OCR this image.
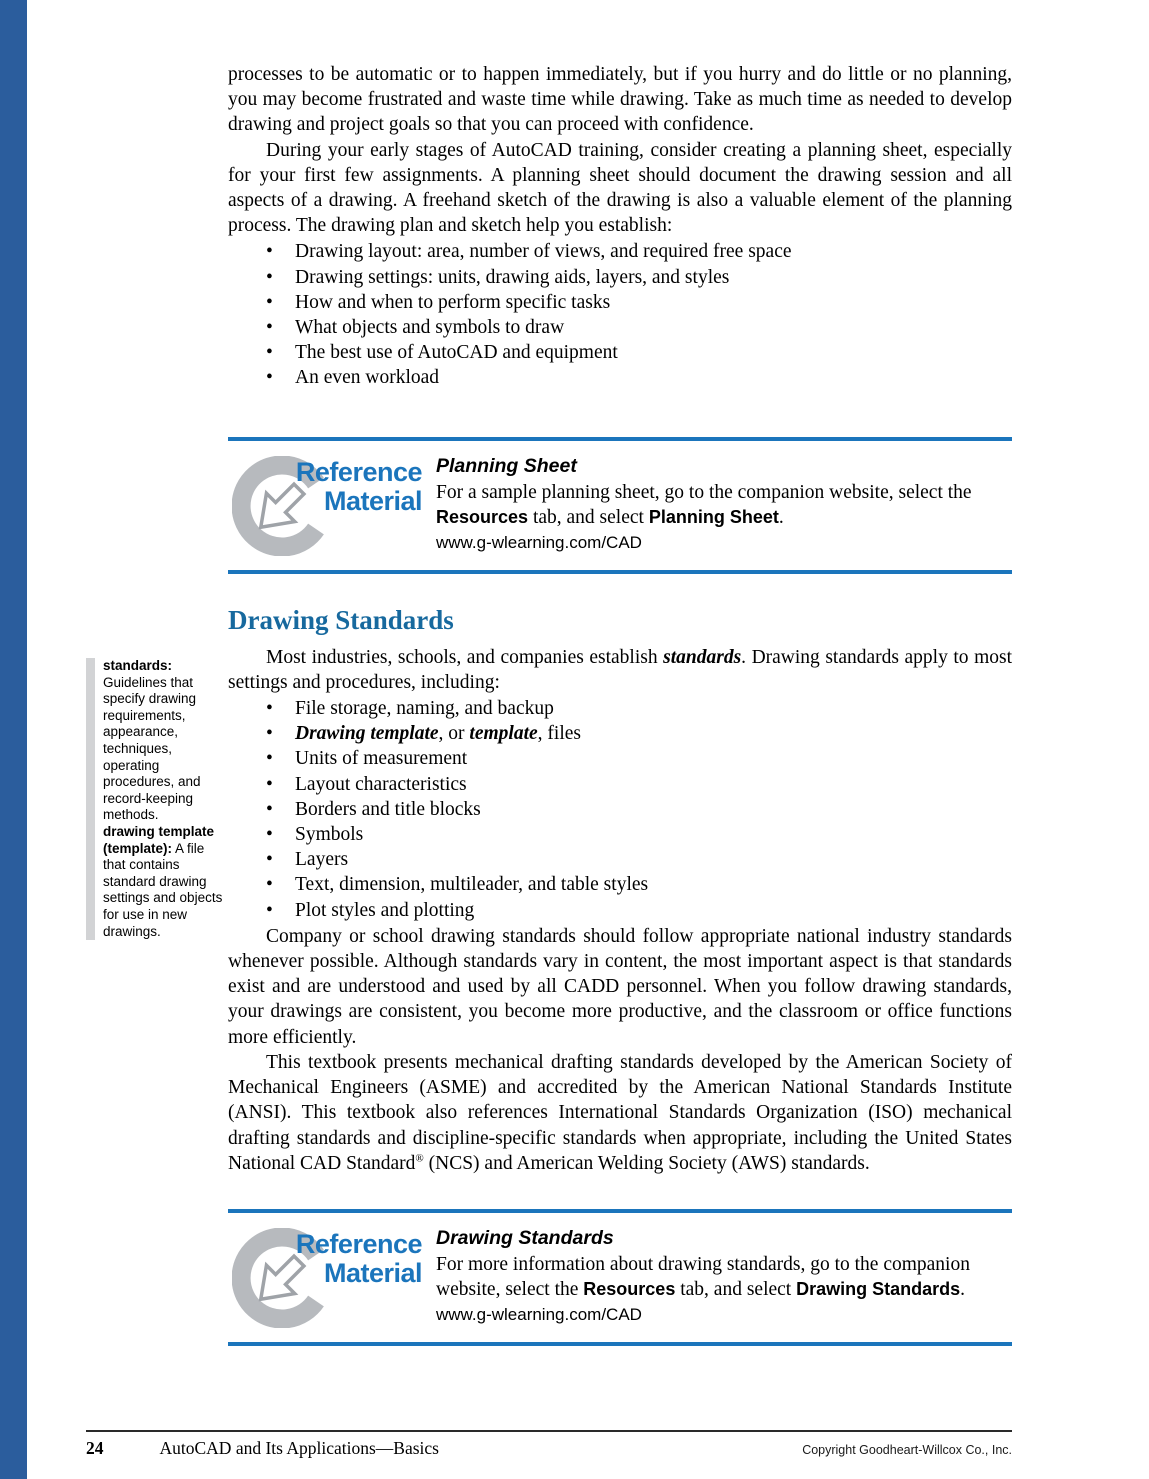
standards: Guidelines that specify drawing requirements, appearance, techniques, operating procedures, and record-keeping methods.
drawing template (template): A file that contains standard drawing settings and objects for use in new drawings.

processes to be automatic or to happen immediately, but if you hurry and do little or no planning, you may become frustrated and waste time while drawing. Take as much time as needed to develop drawing and project goals so that you can proceed with confidence.

During your early stages of AutoCAD training, consider creating a planning sheet, especially for your first few assignments. A planning sheet should document the drawing session and all aspects of a drawing. A freehand sketch of the drawing is also a valuable element of the planning process. The drawing plan and sketch help you establish:

• Drawing layout: area, number of views, and required free space
• Drawing settings: units, drawing aids, layers, and styles
• How and when to perform specific tasks
• What objects and symbols to draw
• The best use of AutoCAD and equipment
• An even workload
Reference
Material
Planning Sheet
For a sample planning sheet, go to the companion website, select the Resources tab, and select Planning Sheet.
www.g-wlearning.com/CAD
Drawing Standards

Most industries, schools, and companies establish standards. Drawing standards apply to most settings and procedures, including:

• File storage, naming, and backup
• Drawing template, or template, files
• Units of measurement
• Layout characteristics
• Borders and title blocks
• Symbols
• Layers
• Text, dimension, multileader, and table styles
• Plot styles and plotting

Company or school drawing standards should follow appropriate national industry standards whenever possible. Although standards vary in content, the most important aspect is that standards exist and are understood and used by all CADD personnel. When you follow drawing standards, your drawings are consistent, you become more productive, and the classroom or office functions more efficiently.

This textbook presents mechanical drafting standards developed by the American Society of Mechanical Engineers (ASME) and accredited by the American National Standards Institute (ANSI). This textbook also references International Standards Organization (ISO) mechanical drafting standards and discipline-specific standards when appropriate, including the United States National CAD Standard® (NCS) and American Welding Society (AWS) standards.

Reference
Material
Drawing Standards
For more information about drawing standards, go to the companion website, select the Resources tab, and select Drawing Standards.
www.g-wlearning.com/CAD
24	AutoCAD and Its Applications—Basics	Copyright Goodheart-Willcox Co., Inc.
